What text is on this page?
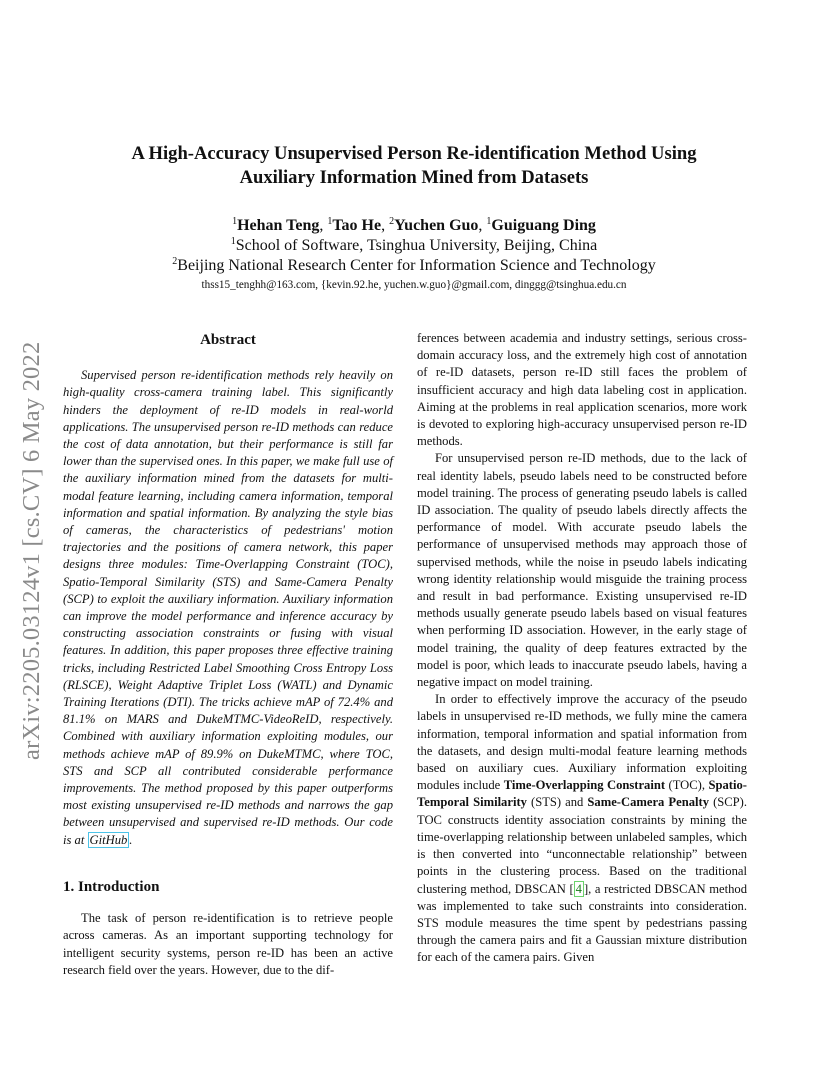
arXiv:2205.03124v1 [cs.CV] 6 May 2022
A High-Accuracy Unsupervised Person Re-identification Method Using
Auxiliary Information Mined from Datasets
$^1$Hehan Teng, $^1$Tao He, $^2$Yuchen Guo, $^1$Guiguang Ding
$^1$School of Software, Tsinghua University, Beijing, China
$^2$Beijing National Research Center for Information Science and Technology
thss15_tenghh@163.com, {kevin.92.he, yuchen.w.guo}@gmail.com, dinggg@tsinghua.edu.cn
Abstract

Supervised person re-identification methods rely heavily on high-quality cross-camera training label. This significantly hinders the deployment of re-ID models in real-world applications. The unsupervised person re-ID methods can reduce the cost of data annotation, but their performance is still far lower than the supervised ones. In this paper, we make full use of the auxiliary information mined from the datasets for multi-modal feature learning, including camera information, temporal information and spatial information. By analyzing the style bias of cameras, the characteristics of pedestrians' motion trajectories and the positions of camera network, this paper designs three modules: Time-Overlapping Constraint (TOC), Spatio-Temporal Similarity (STS) and Same-Camera Penalty (SCP) to exploit the auxiliary information. Auxiliary information can improve the model performance and inference accuracy by constructing association constraints or fusing with visual features. In addition, this paper proposes three effective training tricks, including Restricted Label Smoothing Cross Entropy Loss (RLSCE), Weight Adaptive Triplet Loss (WATL) and Dynamic Training Iterations (DTI). The tricks achieve mAP of 72.4% and 81.1% on MARS and DukeMTMC-VideoReID, respectively. Combined with auxiliary information exploiting modules, our methods achieve mAP of 89.9% on DukeMTMC, where TOC, STS and SCP all contributed considerable performance improvements. The method proposed by this paper outperforms most existing unsupervised re-ID methods and narrows the gap between unsupervised and supervised re-ID methods. Our code is at GitHub .

1. Introduction

The task of person re-identification is to retrieve people across cameras. As an important supporting technology for intelligent security systems, person re-ID has been an active research field over the years. However, due to the dif-

ferences between academia and industry settings, serious cross-domain accuracy loss, and the extremely high cost of annotation of re-ID datasets, person re-ID still faces the problem of insufficient accuracy and high data labeling cost in application. Aiming at the problems in real application scenarios, more work is devoted to exploring high-accuracy unsupervised person re-ID methods.

For unsupervised person re-ID methods, due to the lack of real identity labels, pseudo labels need to be constructed before model training. The process of generating pseudo labels is called ID association. The quality of pseudo labels directly affects the performance of model. With accurate pseudo labels the performance of unsupervised methods may approach those of supervised methods, while the noise in pseudo labels indicating wrong identity relationship would misguide the training process and result in bad performance. Existing unsupervised re-ID methods usually generate pseudo labels based on visual features when performing ID association. However, in the early stage of model training, the quality of deep features extracted by the model is poor, which leads to inaccurate pseudo labels, having a negative impact on model training.

In order to effectively improve the accuracy of the pseudo labels in unsupervised re-ID methods, we fully mine the camera information, temporal information and spatial information from the datasets, and design multi-modal feature learning methods based on auxiliary cues. Auxiliary information exploiting modules include Time-Overlapping Constraint (TOC), Spatio-Temporal Similarity (STS) and Same-Camera Penalty (SCP). TOC constructs identity association constraints by mining the time-overlapping relationship between unlabeled samples, which is then converted into “unconnectable relationship” between points in the clustering process. Based on the traditional clustering method, DBSCAN [ 4 ], a restricted DBSCAN method was implemented to take such constraints into consideration. STS module measures the time spent by pedestrians passing through the camera pairs and fit a Gaussian mixture distribution for each of the camera pairs. Given
